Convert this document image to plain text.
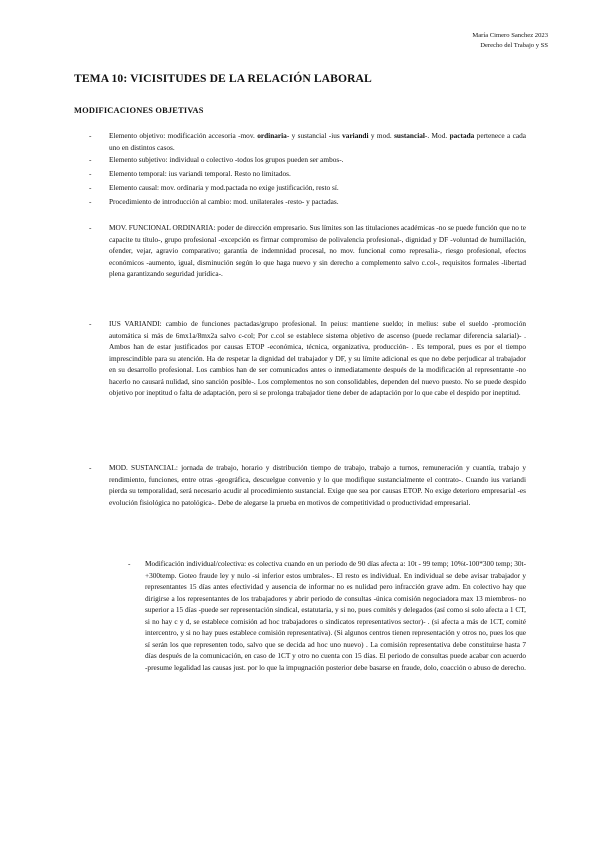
María Cimero Sanchez 2023
Derecho del Trabajo y SS
TEMA 10: VICISITUDES DE LA RELACIÓN LABORAL
MODIFICACIONES OBJETIVAS

- Elemento objetivo: modificación accesoria -mov. ordinaria- y sustancial -ius variandi y mod. sustancial-. Mod. pactada pertenece a cada uno en distintos casos.

- Elemento subjetivo: individual o colectivo -todos los grupos pueden ser ambos-.

- Elemento temporal: ius variandi temporal. Resto no limitados.

- Elemento causal: mov. ordinaria y mod.pactada no exige justificación, resto sí.

- Procedimiento de introducción al cambio: mod. unilaterales -resto- y pactadas.

- MOV. FUNCIONAL ORDINARIA: poder de dirección empresario. Sus límites son las titulaciones académicas -no se puede función que no te capacite tu título-, grupo profesional -excepción es firmar compromiso de polivalencia profesional-, dignidad y DF -voluntad de humillación, ofender, vejar, agravio comparativo; garantía de indemnidad procesal, no mov. funcional como represalia-, riesgo profesional, efectos económicos -aumento, igual, disminución según lo que haga nuevo y sin derecho a complemento salvo c.col-, requisitos formales -libertad plena garantizando seguridad jurídica-.

- IUS VARIANDI: cambio de funciones pactadas/grupo profesional. In peius: mantiene sueldo; in melius: sube el sueldo -promoción automática si más de 6mx1a/8mx2a salvo c-col; Por c.col se establece sistema objetivo de ascenso (puede reclamar diferencia salarial)- . Ambos han de estar justificados por causas ETOP -económica, técnica, organizativa, producción- . Es temporal, pues es por el tiempo imprescindible para su atención. Ha de respetar la dignidad del trabajador y DF, y su límite adicional es que no debe perjudicar al trabajador en su desarrollo profesional. Los cambios han de ser comunicados antes o inmediatamente después de la modificación al representante -no hacerlo no causará nulidad, sino sanción posible-. Los complementos no son consolidables, dependen del nuevo puesto. No se puede despido objetivo por ineptitud o falta de adaptación, pero si se prolonga trabajador tiene deber de adaptación por lo que cabe el despido por ineptitud.

- MOD. SUSTANCIAL: jornada de trabajo, horario y distribución tiempo de trabajo, trabajo a turnos, remuneración y cuantía, trabajo y rendimiento, funciones, entre otras -geográfica, descuelgue convenio y lo que modifique sustancialmente el contrato-. Cuando ius variandi pierda su temporalidad, será necesario acudir al procedimiento sustancial. Exige que sea por causas ETOP. No exige deterioro empresarial -es evolución fisiológica no patológica-. Debe de alegarse la prueba en motivos de competitividad o productividad empresarial.

- Modificación individual/colectiva: es colectiva cuando en un periodo de 90 días afecta a: 10t - 99 temp; 10%t-100*300 temp; 30t-+300temp. Goteo fraude ley y nulo -si inferior estos umbrales-. El resto es individual. En individual se debe avisar trabajador y representantes 15 días antes efectividad y ausencia de informar no es nulidad pero infracción grave adm. En colectivo hay que dirigirse a los representantes de los trabajadores y abrir periodo de consultas -única comisión negociadora max 13 miembros- no superior a 15 días -puede ser representación sindical, estatutaria, y si no, pues comités y delegados (así como si solo afecta a 1 CT, si no hay c y d, se establece comisión ad hoc trabajadores o sindicatos representativos sector)- . (si afecta a más de 1CT, comité intercentro, y si no hay pues establece comisión representativa). (Si algunos centros tienen representación y otros no, pues los que sí serán los que representen todo, salvo que se decida ad hoc uno nuevo) . La comisión representativa debe constituirse hasta 7 días después de la comunicación, en caso de 1CT y otro no cuenta con 15 días. El periodo de consultas puede acabar con acuerdo -presume legalidad las causas just. por lo que la impugnación posterior debe basarse en fraude, dolo, coacción o abuso de derecho.
